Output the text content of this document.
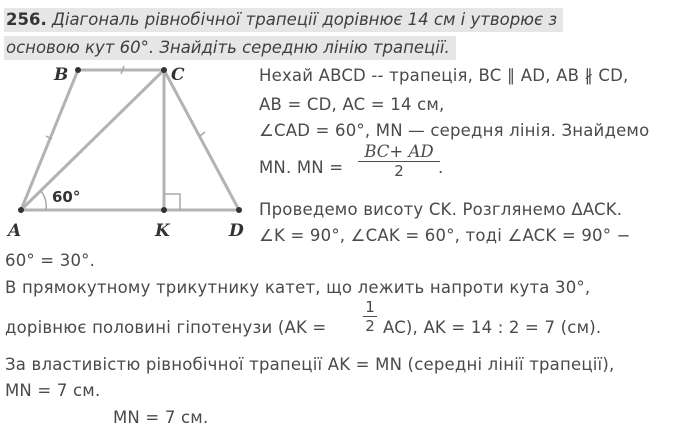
256. Діагональ рівнобічної трапеції дорівнює 14 см і утворює з
основою кут 60°. Знайдіть середню лінію трапеції.
A
B	C
D
K
60°
Нехай ABCD -- трапеція, BC ∥ AD, AB ∦ CD,
AB = CD, AC = 14 см,
∠CAD = 60°, MN — середня лінія. Знайдемо
MN. MN =
BC+ AD
2	.
Проведемо висоту CK. Розглянемо ΔACK.
∠K = 90°, ∠CAK = 60°, тоді ∠ACK = 90° −
60° = 30°.
В прямокутному трикутнику катет, що лежить напроти кута 30°,
дорівнює половині гіпотенузи (AK =
1
2 AC), AK = 14 : 2 = 7 (см).
За властивістю рівнобічної трапеції AK = MN (середні лінії трапеції),
MN = 7 см.
MN = 7 см.
